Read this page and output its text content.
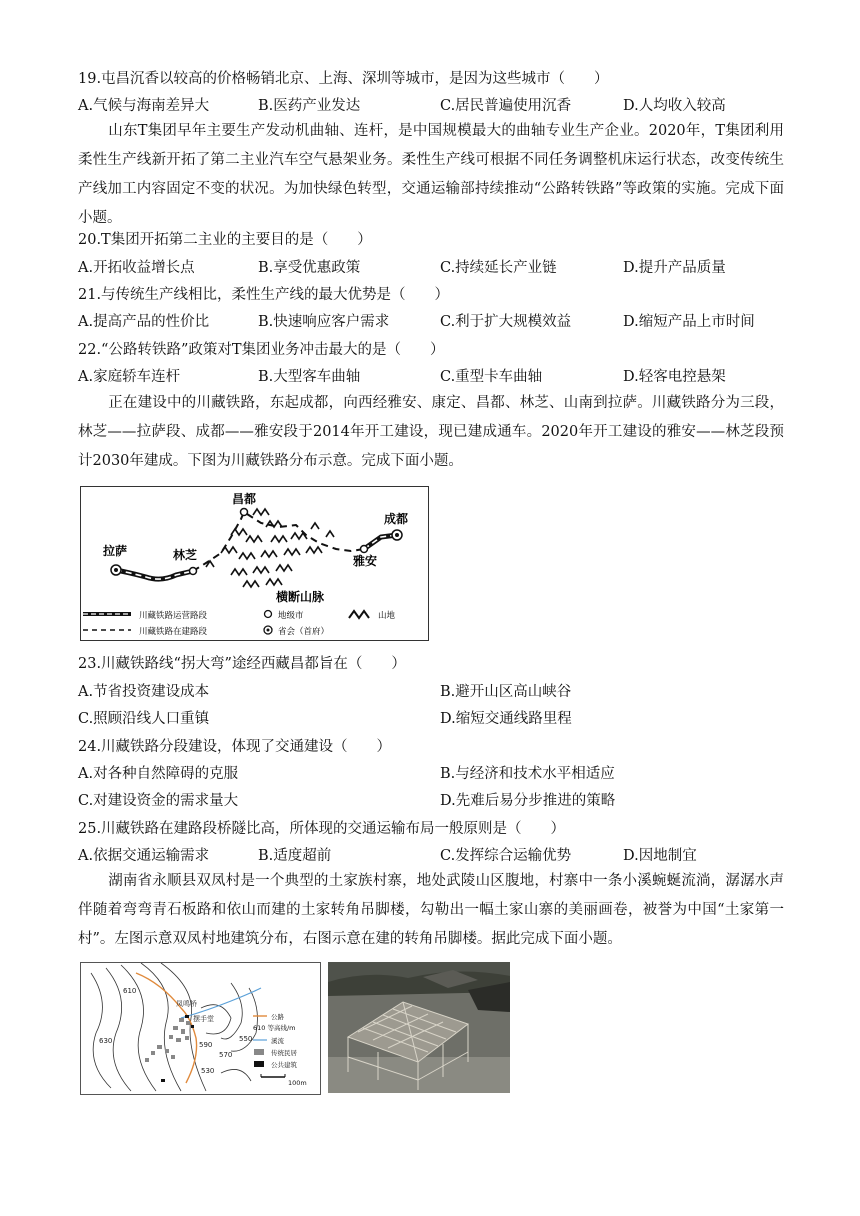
19.屯昌沉香以较高的价格畅销北京、上海、深圳等城市，是因为这些城市（　　）
A.气候与海南差异大	B.医药产业发达	C.居民普遍使用沉香	D.人均收入较高
山东T集团早年主要生产发动机曲轴、连杆，是中国规模最大的曲轴专业生产企业。2020年，T集团利用柔性生产线新开拓了第二主业汽车空气悬架业务。柔性生产线可根据不同任务调整机床运行状态，改变传统生产线加工内容固定不变的状况。为加快绿色转型，交通运输部持续推动“公路转铁路”等政策的实施。完成下面小题。
20.T集团开拓第二主业的主要目的是（　　）
A.开拓收益增长点	B.享受优惠政策	C.持续延长产业链	D.提升产品质量
21.与传统生产线相比，柔性生产线的最大优势是（　　）
A.提高产品的性价比	B.快速响应客户需求	C.利于扩大规模效益	D.缩短产品上市时间
22.“公路转铁路”政策对T集团业务冲击最大的是（　　）
A.家庭轿车连杆	B.大型客车曲轴	C.重型卡车曲轴	D.轻客电控悬架
正在建设中的川藏铁路，东起成都，向西经雅安、康定、昌都、林芝、山南到拉萨。川藏铁路分为三段，林芝——拉萨段、成都——雅安段于2014年开工建设，现已建成通车。2020年开工建设的雅安——林芝段预计2030年建成。下图为川藏铁路分布示意。完成下面小题。
拉萨	林芝
昌都
雅安
成都
横断山脉
川藏铁路运营路段
川藏铁路在建路段
地级市
省会（首府）
山地
23.川藏铁路线“拐大弯”途经西藏昌都旨在（　　）
A.节省投资建设成本	B.避开山区高山峡谷
C.照顾沿线人口重镇	D.缩短交通线路里程
24.川藏铁路分段建设，体现了交通建设（　　）
A.对各种自然障碍的克服	B.与经济和技术水平相适应
C.对建设资金的需求量大	D.先难后易分步推进的策略
25.川藏铁路在建路段桥隧比高，所体现的交通运输布局一般原则是（　　）
A.依据交通运输需求	B.适度超前	C.发挥综合运输优势	D.因地制宜
湖南省永顺县双凤村是一个典型的土家族村寨，地处武陵山区腹地，村寨中一条小溪蜿蜒流淌，潺潺水声伴随着弯弯青石板路和依山而建的土家转角吊脚楼，勾勒出一幅土家山寨的美丽画卷，被誉为中国“土家第一村”。左图示意双凤村地建筑分布，右图示意在建的转角吊脚楼。据此完成下面小题。
凤鸣桥
摆手堂
610
630	590
570
550
530
公路
610 等高线/m
溪流
传统民居
公共建筑
100m
